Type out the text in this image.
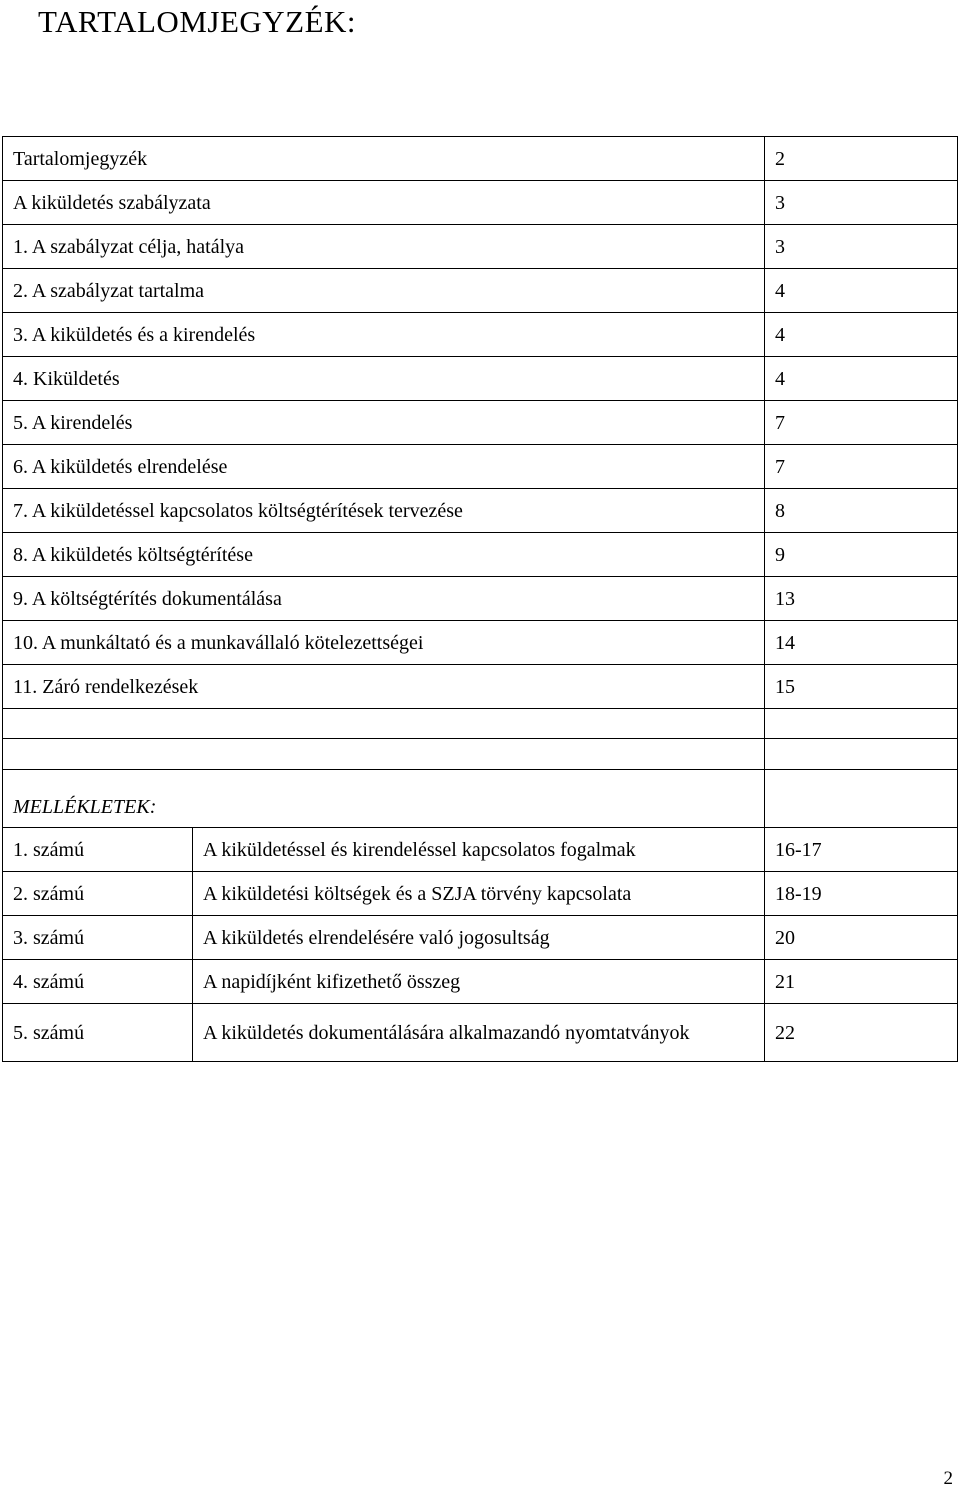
TARTALOMJEGYZÉK:
Tartalomjegyzék		2
A kiküldetés szabályzata		3
1. A szabályzat célja, hatálya		3
2. A szabályzat tartalma		4
3. A kiküldetés és a kirendelés		4
4. Kiküldetés		4
5. A kirendelés		7
6. A kiküldetés elrendelése		7
7. A kiküldetéssel kapcsolatos költségtérítések tervezése		8
8. A kiküldetés költségtérítése		9
9. A költségtérítés dokumentálása		13
10. A munkáltató és a munkavállaló kötelezettségei		14
11. Záró rendelkezések		15

MELLÉKLETEK:		
1. számú	A kiküldetéssel és kirendeléssel kapcsolatos fogalmak	16-17
2. számú	A kiküldetési költségek és a SZJA törvény kapcsolata	18-19
3. számú	A kiküldetés elrendelésére való jogosultság	20
4. számú	A napidíjként kifizethető összeg	21
5. számú	A kiküldetés dokumentálására alkalmazandó nyomtatványok	22
2
